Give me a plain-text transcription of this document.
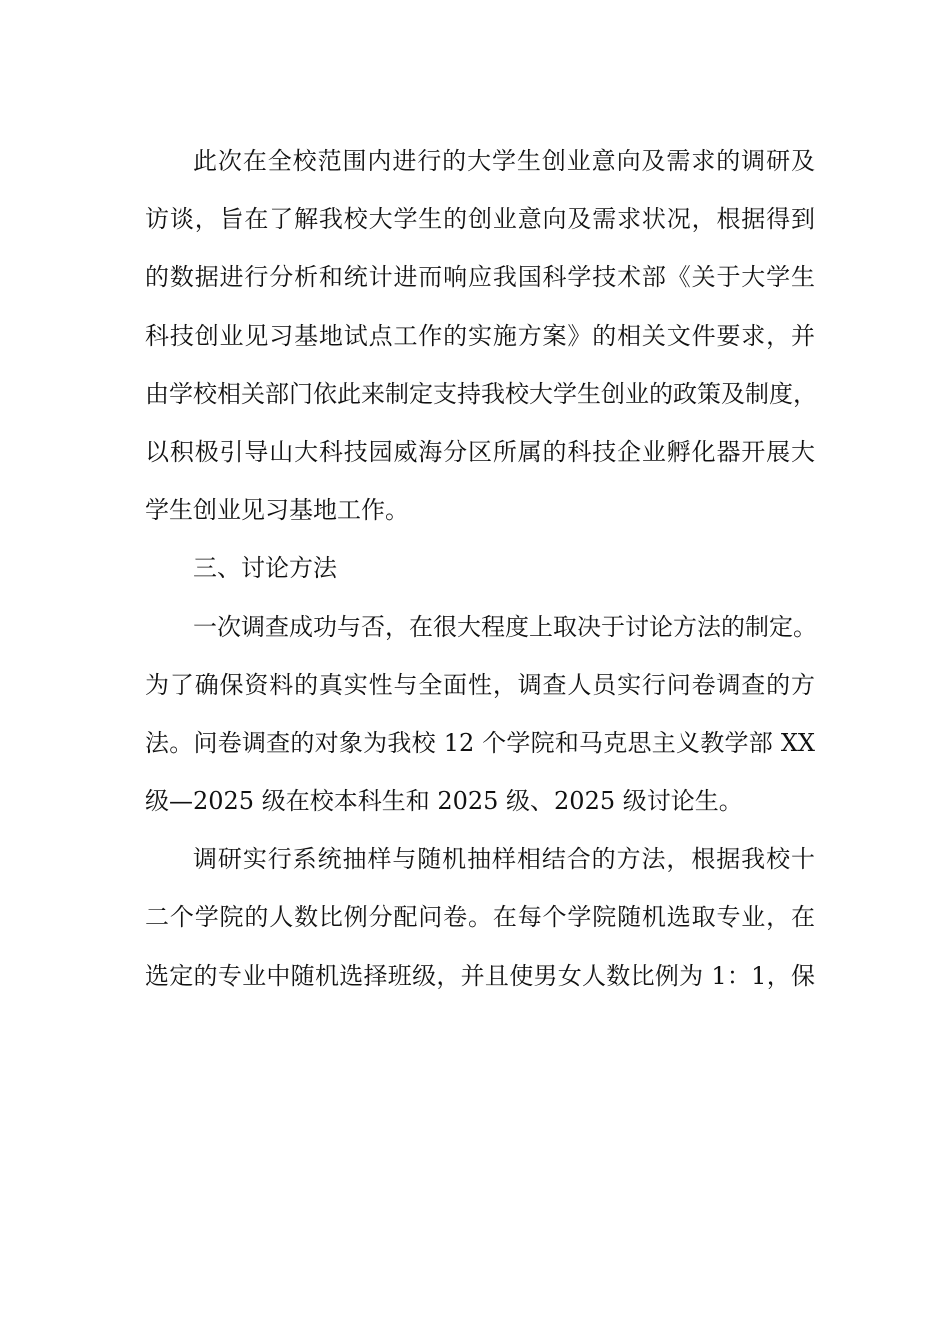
此次在全校范围内进行的大学生创业意向及需求的调研及
访谈，旨在了解我校大学生的创业意向及需求状况，根据得到
的数据进行分析和统计进而响应我国科学技术部《关于大学生
科技创业见习基地试点工作的实施方案》的相关文件要求，并
由学校相关部门依此来制定支持我校大学生创业的政策及制度，
以积极引导山大科技园威海分区所属的科技企业孵化器开展大
学生创业见习基地工作。
三、讨论方法
一次调查成功与否，在很大程度上取决于讨论方法的制定。
为了确保资料的真实性与全面性，调查人员实行问卷调查的方
法。问卷调查的对象为我校 12 个学院和马克思主义教学部 XX
级—2025 级在校本科生和 2025 级、2025 级讨论生。
调研实行系统抽样与随机抽样相结合的方法，根据我校十
二个学院的人数比例分配问卷。在每个学院随机选取专业，在
选定的专业中随机选择班级，并且使男女人数比例为 1：1，保
